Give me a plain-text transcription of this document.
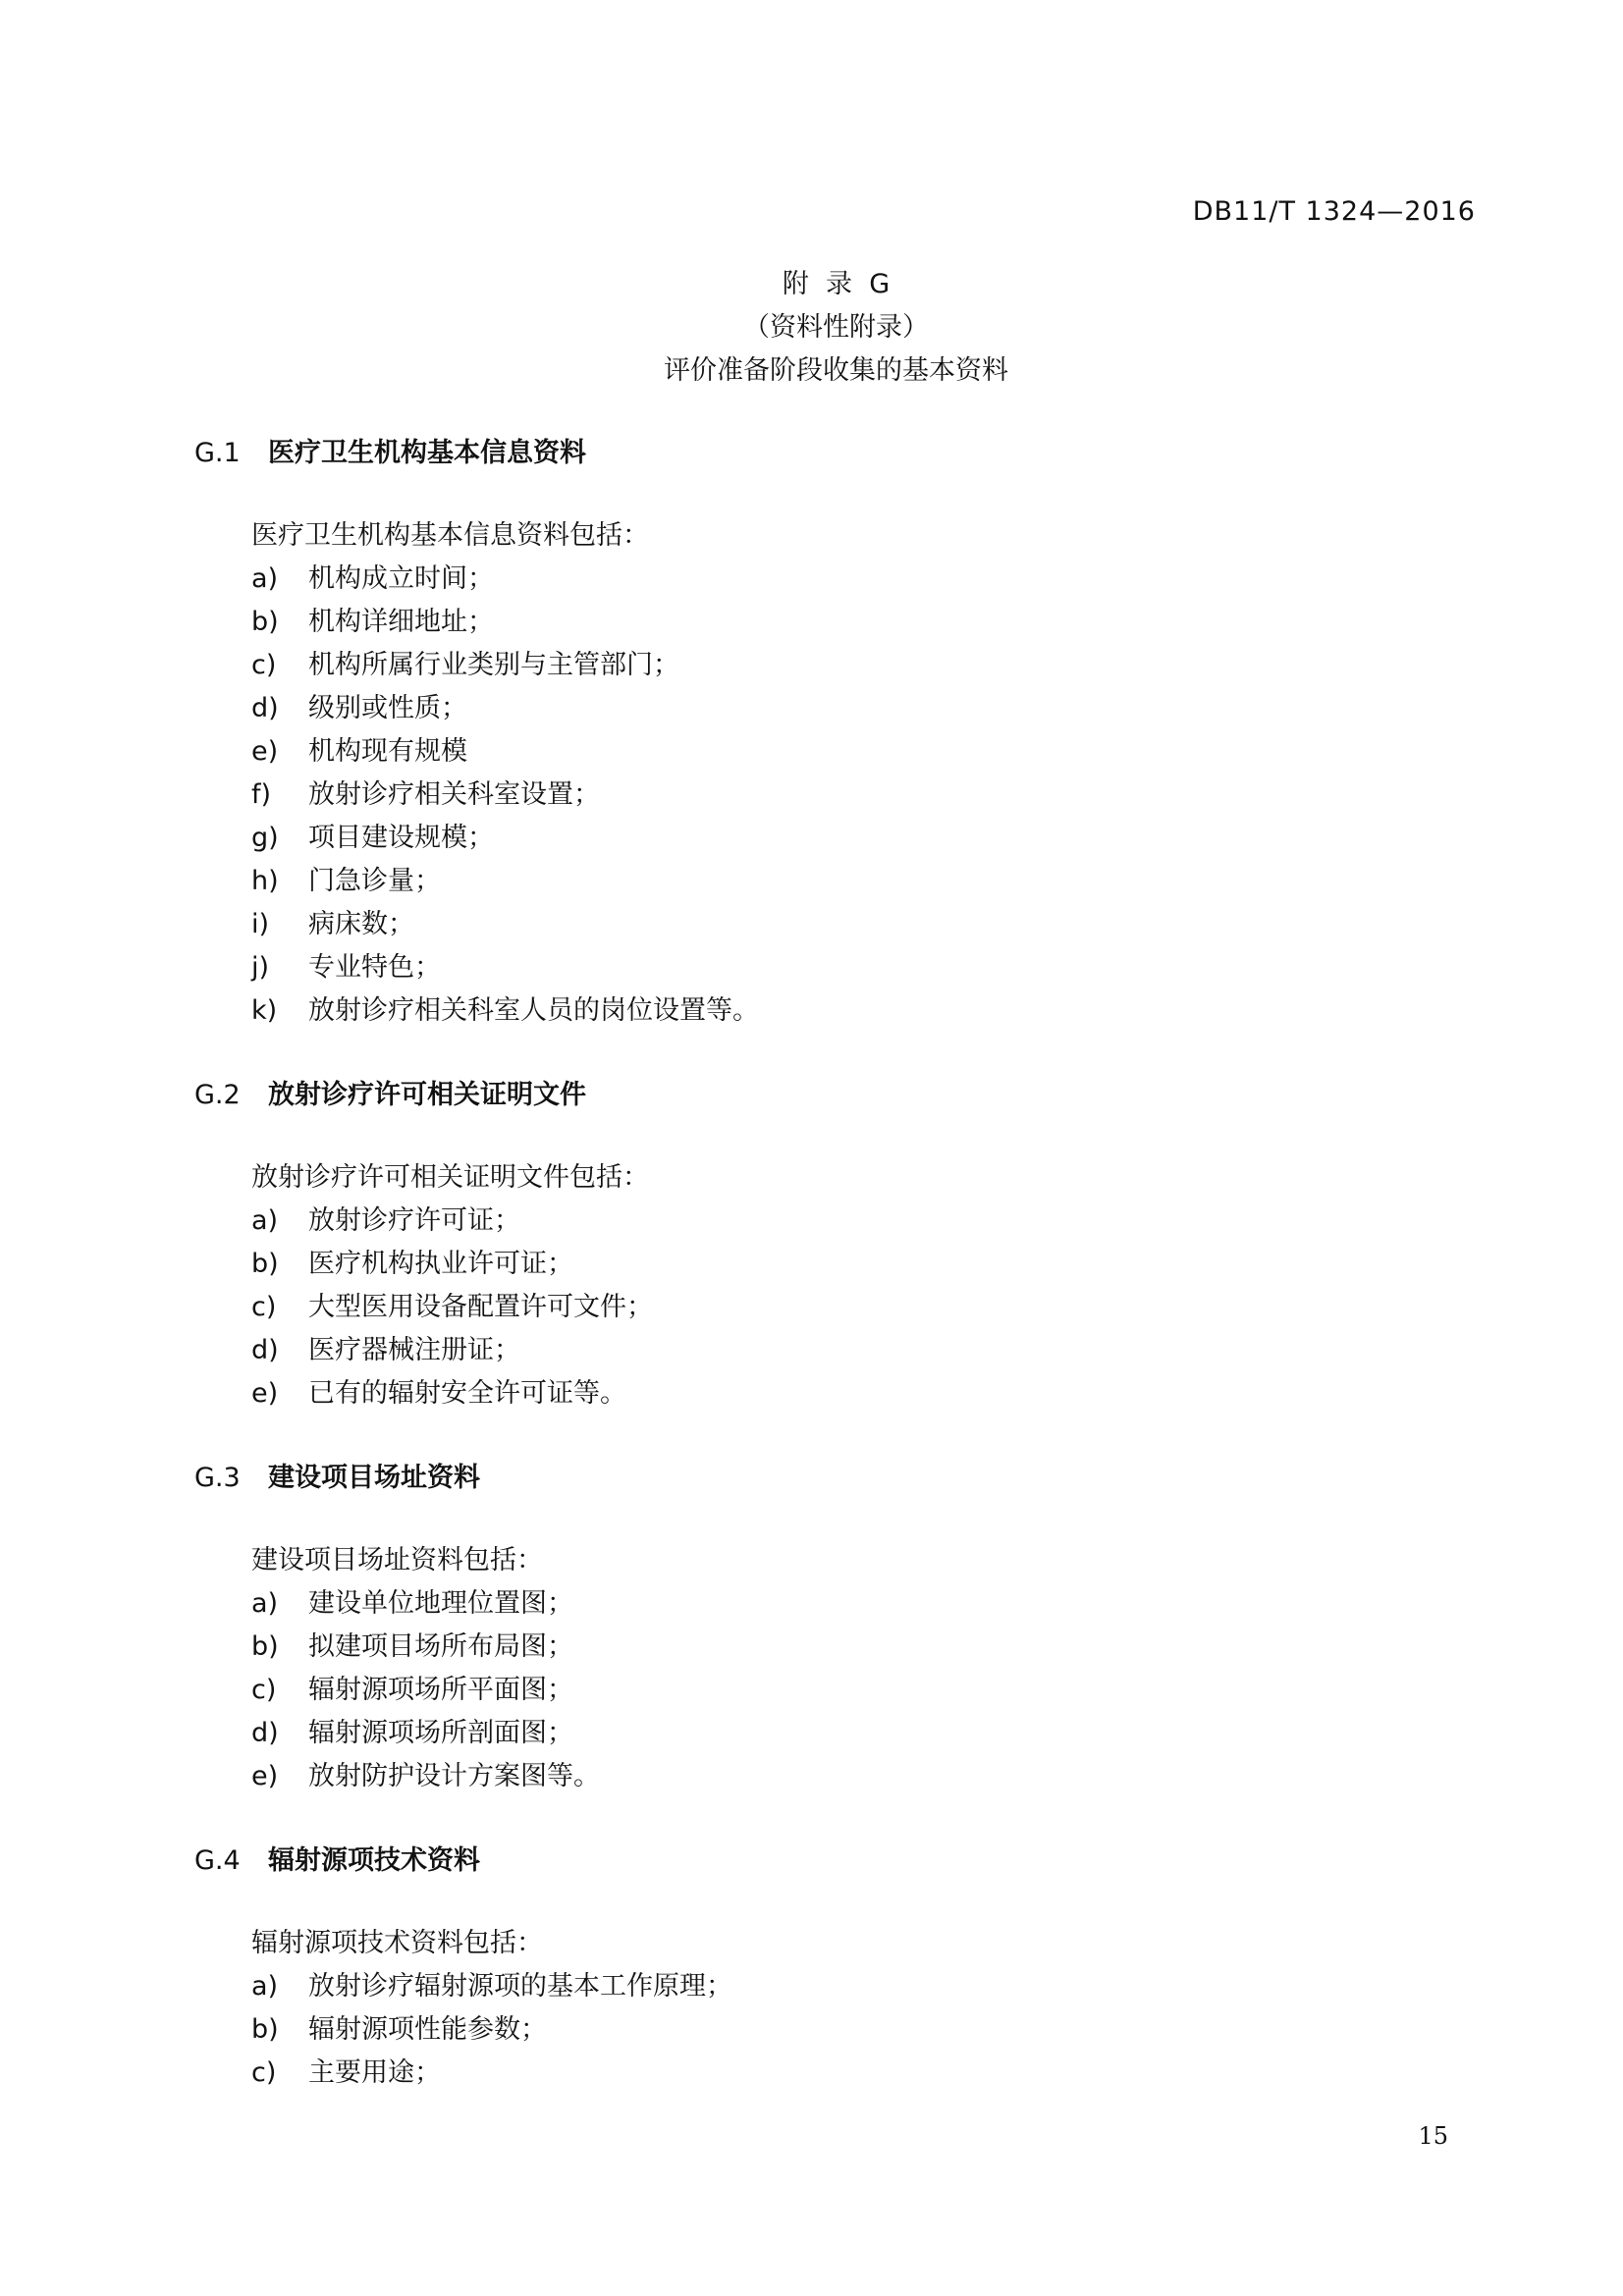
DB11/T 1324—2016
附  录  G
（资料性附录）
评价准备阶段收集的基本资料
G.1 医疗卫生机构基本信息资料
医疗卫生机构基本信息资料包括：
a) 机构成立时间；
b) 机构详细地址；
c) 机构所属行业类别与主管部门；
d) 级别或性质；
e) 机构现有规模
f) 放射诊疗相关科室设置；
g) 项目建设规模；
h) 门急诊量；
i) 病床数；
j) 专业特色；
k) 放射诊疗相关科室人员的岗位设置等。
G.2 放射诊疗许可相关证明文件
放射诊疗许可相关证明文件包括：
a) 放射诊疗许可证；
b) 医疗机构执业许可证；
c) 大型医用设备配置许可文件；
d) 医疗器械注册证；
e) 已有的辐射安全许可证等。
G.3 建设项目场址资料
建设项目场址资料包括：
a) 建设单位地理位置图；
b) 拟建项目场所布局图；
c) 辐射源项场所平面图；
d) 辐射源项场所剖面图；
e) 放射防护设计方案图等。
G.4 辐射源项技术资料
辐射源项技术资料包括：
a) 放射诊疗辐射源项的基本工作原理；
b) 辐射源项性能参数；
c) 主要用途；
15
